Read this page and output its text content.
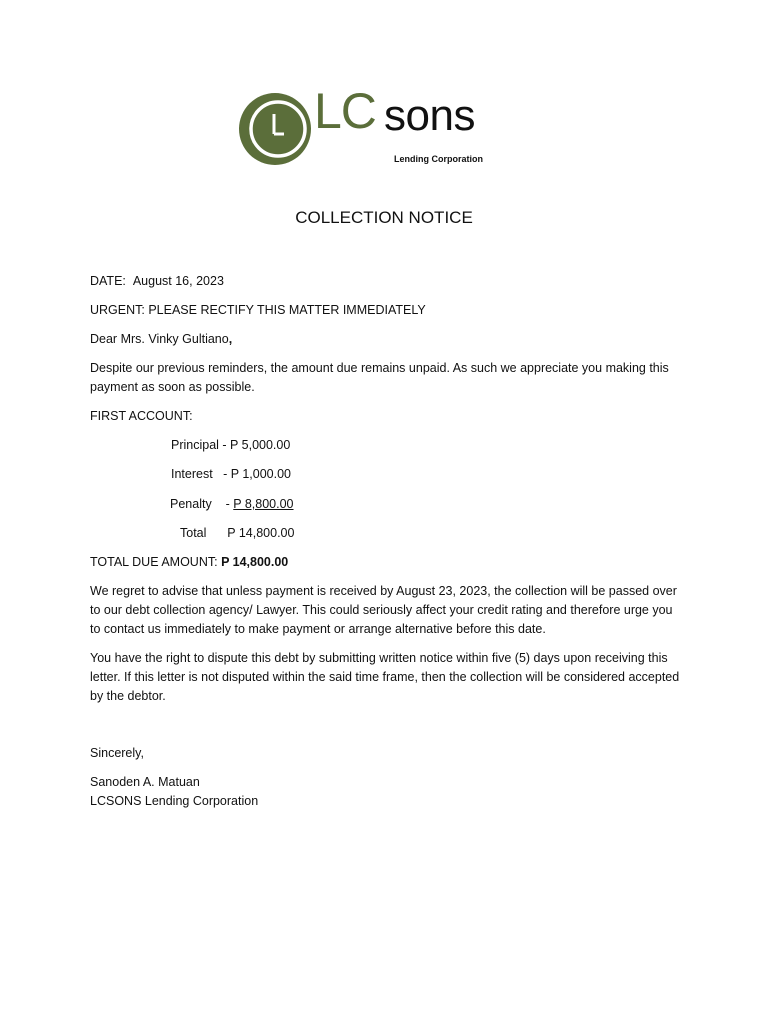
LC sons
Lending Corporation
COLLECTION NOTICE
DATE: August 16, 2023
URGENT: PLEASE RECTIFY THIS MATTER IMMEDIATELY
Dear Mrs. Vinky Gultiano,
Despite our previous reminders, the amount due remains unpaid. As such we appreciate you making this payment as soon as possible.
FIRST ACCOUNT:
Principal - P 5,000.00
Interest - P 1,000.00
Penalty - P 8,800.00
Total P 14,800.00
TOTAL DUE AMOUNT: P 14,800.00
We regret to advise that unless payment is received by August 23, 2023, the collection will be passed over to our debt collection agency/ Lawyer. This could seriously affect your credit rating and therefore urge you to contact us immediately to make payment or arrange alternative before this date.
You have the right to dispute this debt by submitting written notice within five (5) days upon receiving this letter. If this letter is not disputed within the said time frame, then the collection will be considered accepted by the debtor.
Sincerely,
Sanoden A. Matuan
LCSONS Lending Corporation
